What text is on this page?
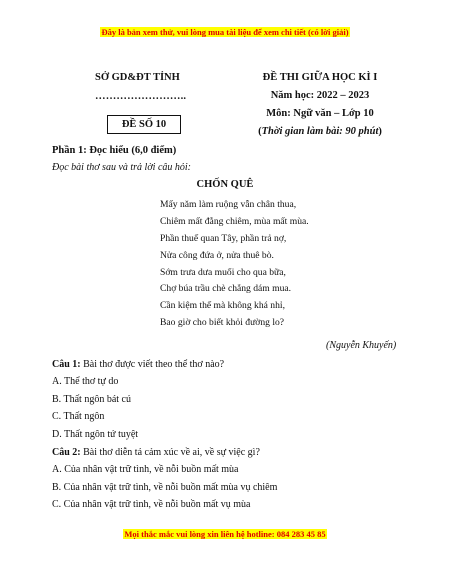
Đây là bản xem thử, vui lòng mua tài liệu để xem chi tiết (có lời giải)
SỞ GD&ĐT TỈNH
……………………..
ĐỀ SỐ 10
ĐỀ THI GIỮA HỌC KÌ I
Năm học: 2022 – 2023
Môn: Ngữ văn – Lớp 10
(Thời gian làm bài: 90 phút)
Phần 1: Đọc hiểu (6,0 điểm)
Đọc bài thơ sau và trả lời câu hỏi:
CHỐN QUÊ
Mấy năm làm ruộng vẫn chân thua,
Chiêm mất đằng chiêm, mùa mất mùa.
Phần thuế quan Tây, phần trả nợ,
Nửa công đứa ở, nửa thuê bò.
Sớm trưa dưa muối cho qua bữa,
Chợ búa trầu chè chẳng dám mua.
Cần kiệm thế mà không khá nhỉ,
Bao giờ cho biết khỏi đường lo?
(Nguyễn Khuyến)
Câu 1: Bài thơ được viết theo thể thơ nào?
A. Thể thơ tự do
B. Thất ngôn bát cú
C. Thất ngôn
D. Thất ngôn tứ tuyệt
Câu 2: Bài thơ diễn tả cảm xúc về ai, về sự việc gì?
A. Của nhân vật trữ tình, về nỗi buồn mất mùa
B. Của nhân vật trữ tình, về nỗi buồn mất mùa vụ chiêm
C. Của nhân vật trữ tình, về nỗi buồn mất vụ mùa
Mọi thắc mắc vui lòng xin liên hệ hotline: 084 283 45 85
